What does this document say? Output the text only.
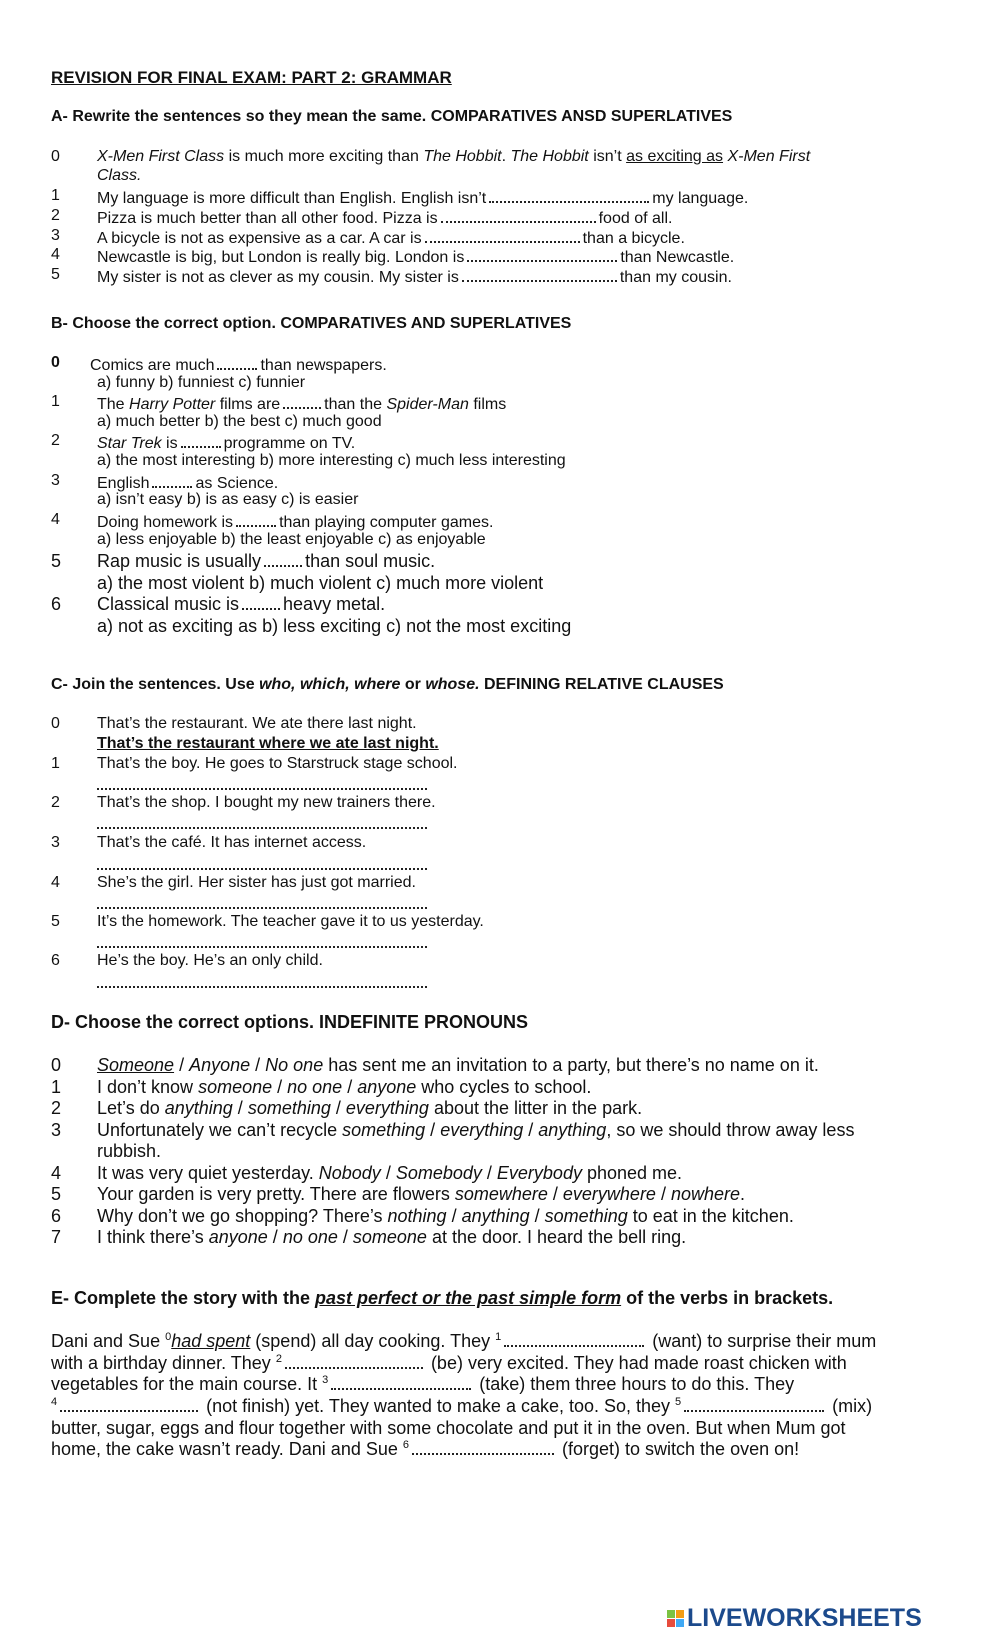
REVISION FOR FINAL EXAM: PART 2: GRAMMAR
A- Rewrite the sentences so they mean the same. COMPARATIVES ANSD SUPERLATIVES
0 X-Men First Class is much more exciting than The Hobbit. The Hobbit isn’t as exciting as X-Men First
Class.
1 My language is more difficult than English. English isn’t	my language.
2 Pizza is much better than all other food. Pizza is	food of all.
3 A bicycle is not as expensive as a car. A car is	than a bicycle.
4 Newcastle is big, but London is really big. London is	than Newcastle.
5 My sister is not as clever as my cousin. My sister is	than my cousin.
B- Choose the correct option. COMPARATIVES AND SUPERLATIVES
0 Comics are much	than newspapers.
a) funny b) funniest c) funnier
1 The Harry Potter films are	than the Spider-Man films
a) much better b) the best c) much good
2 Star Trek is	programme on TV.
a) the most interesting b) more interesting c) much less interesting
3 English	as Science.
a) isn’t easy b) is as easy c) is easier
4 Doing homework is	than playing computer games.
a) less enjoyable b) the least enjoyable c) as enjoyable
5 Rap music is usually than soul music.
a) the most violent b) much violent c) much more violent
6 Classical music is heavy metal.
a) not as exciting as b) less exciting c) not the most exciting
C- Join the sentences. Use who, which, where or whose. DEFINING RELATIVE CLAUSES
0 That’s the restaurant. We ate there last night.
That’s the restaurant where we ate last night.
1 That’s the boy. He goes to Starstruck stage school.
2 That’s the shop. I bought my new trainers there.
3 That’s the café. It has internet access.
4 She’s the girl. Her sister has just got married.
5 It’s the homework. The teacher gave it to us yesterday.
6 He’s the boy. He’s an only child.
D- Choose the correct options. INDEFINITE PRONOUNS
0 Someone / Anyone / No one has sent me an invitation to a party, but there’s no name on it.
1 I don’t know someone / no one / anyone who cycles to school.
2 Let’s do anything / something / everything about the litter in the park.
3 Unfortunately we can’t recycle something / everything / anything, so we should throw away less
rubbish.
4 It was very quiet yesterday. Nobody / Somebody / Everybody phoned me.
5 Your garden is very pretty. There are flowers somewhere / everywhere / nowhere.
6 Why don’t we go shopping? There’s nothing / anything / something to eat in the kitchen.
7 I think there’s anyone / no one / someone at the door. I heard the bell ring.
E- Complete the story with the past perfect or the past simple form of the verbs in brackets.
Dani and Sue $^0$had spent (spend) all day cooking. They $^1$	(want) to surprise their mum
with a birthday dinner. They $^2$	(be) very excited. They had made roast chicken with
vegetables for the main course. It $^3$	(take) them three hours to do this. They
$^4$	(not finish) yet. They wanted to make a cake, too. So, they $^5$	(mix)
butter, sugar, eggs and flour together with some chocolate and put it in the oven. But when Mum got
home, the cake wasn’t ready. Dani and Sue $^6$	(forget) to switch the oven on!
LIVEWORKSHEETS
